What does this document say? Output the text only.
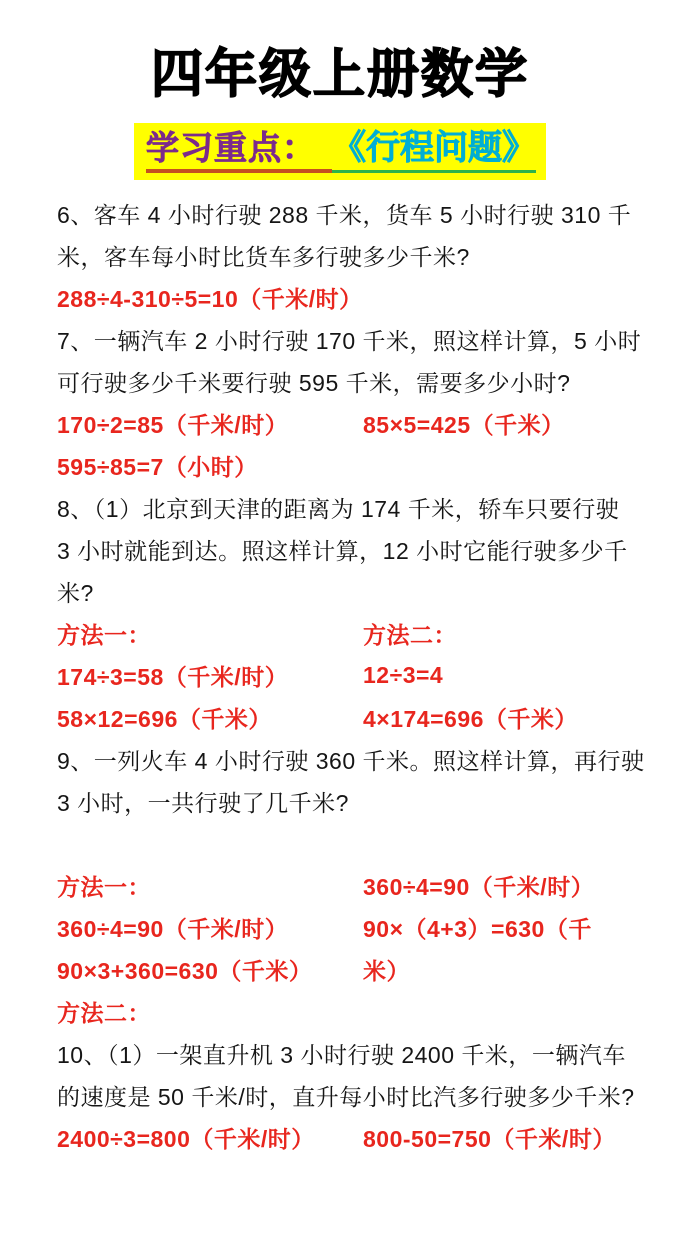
四年级上册数学
学习重点： 《行程问题》
6、客车 4 小时行驶 288 千米，货车 5 小时行驶 310 千
米，客车每小时比货车多行驶多少千米?
288÷4-310÷5=10（千米/时）
7、一辆汽车 2 小时行驶 170 千米，照这样计算，5 小时
可行驶多少千米要行驶 595 千米，需要多少小时?
170÷2=85（千米/时）	85×5=425（千米）
595÷85=7（小时）
8、（1）北京到天津的距离为 174 千米，轿车只要行驶
3 小时就能到达。照这样计算，12 小时它能行驶多少千
米?
方法一：	方法二：
174÷3=58（千米/时）	12÷3=4
58×12=696（千米）	4×174=696（千米）
9、一列火车 4 小时行驶 360 千米。照这样计算，再行驶
3 小时，一共行驶了几千米?
方法一：	360÷4=90（千米/时）
360÷4=90（千米/时）	90×（4+3）=630（千
90×3+360=630（千米）	米）
方法二：
10、（1）一架直升机 3 小时行驶 2400 千米，一辆汽车
的速度是 50 千米/时，直升每小时比汽多行驶多少千米?
2400÷3=800（千米/时）	800-50=750（千米/时）
